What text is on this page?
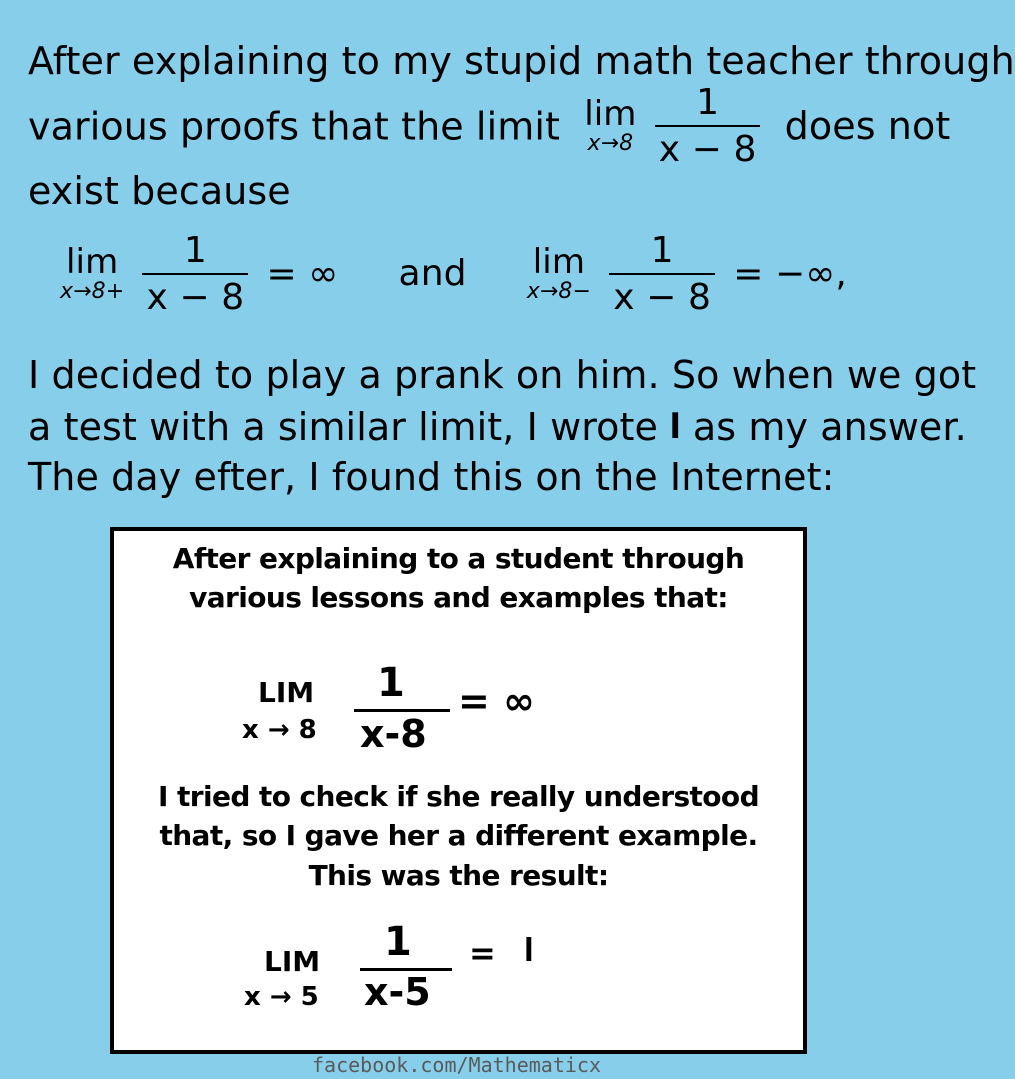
After explaining to my stupid math teacher through
various proofs that the limit lim
x→8
$\frac{1}{x - 8}$ does not
exist because
lim
x→8+
$\frac{1}{x - 8}$ = ∞ and lim
x→8−
$\frac{1}{x - 8}$ = −∞,
I decided to play a prank on him. So when we got
a test with a similar limit, I wrote ꟾ as my answer.
The day efter, I found this on the Internet:
After explaining to a student through
various lessons and examples that:
LIM
x → 8
1
x-8
= ∞
I tried to check if she really understood
that, so I gave her a different example.
This was the result:
LIM
x → 5
1
x-5
= ꟾ
facebook.com/Mathematicx
